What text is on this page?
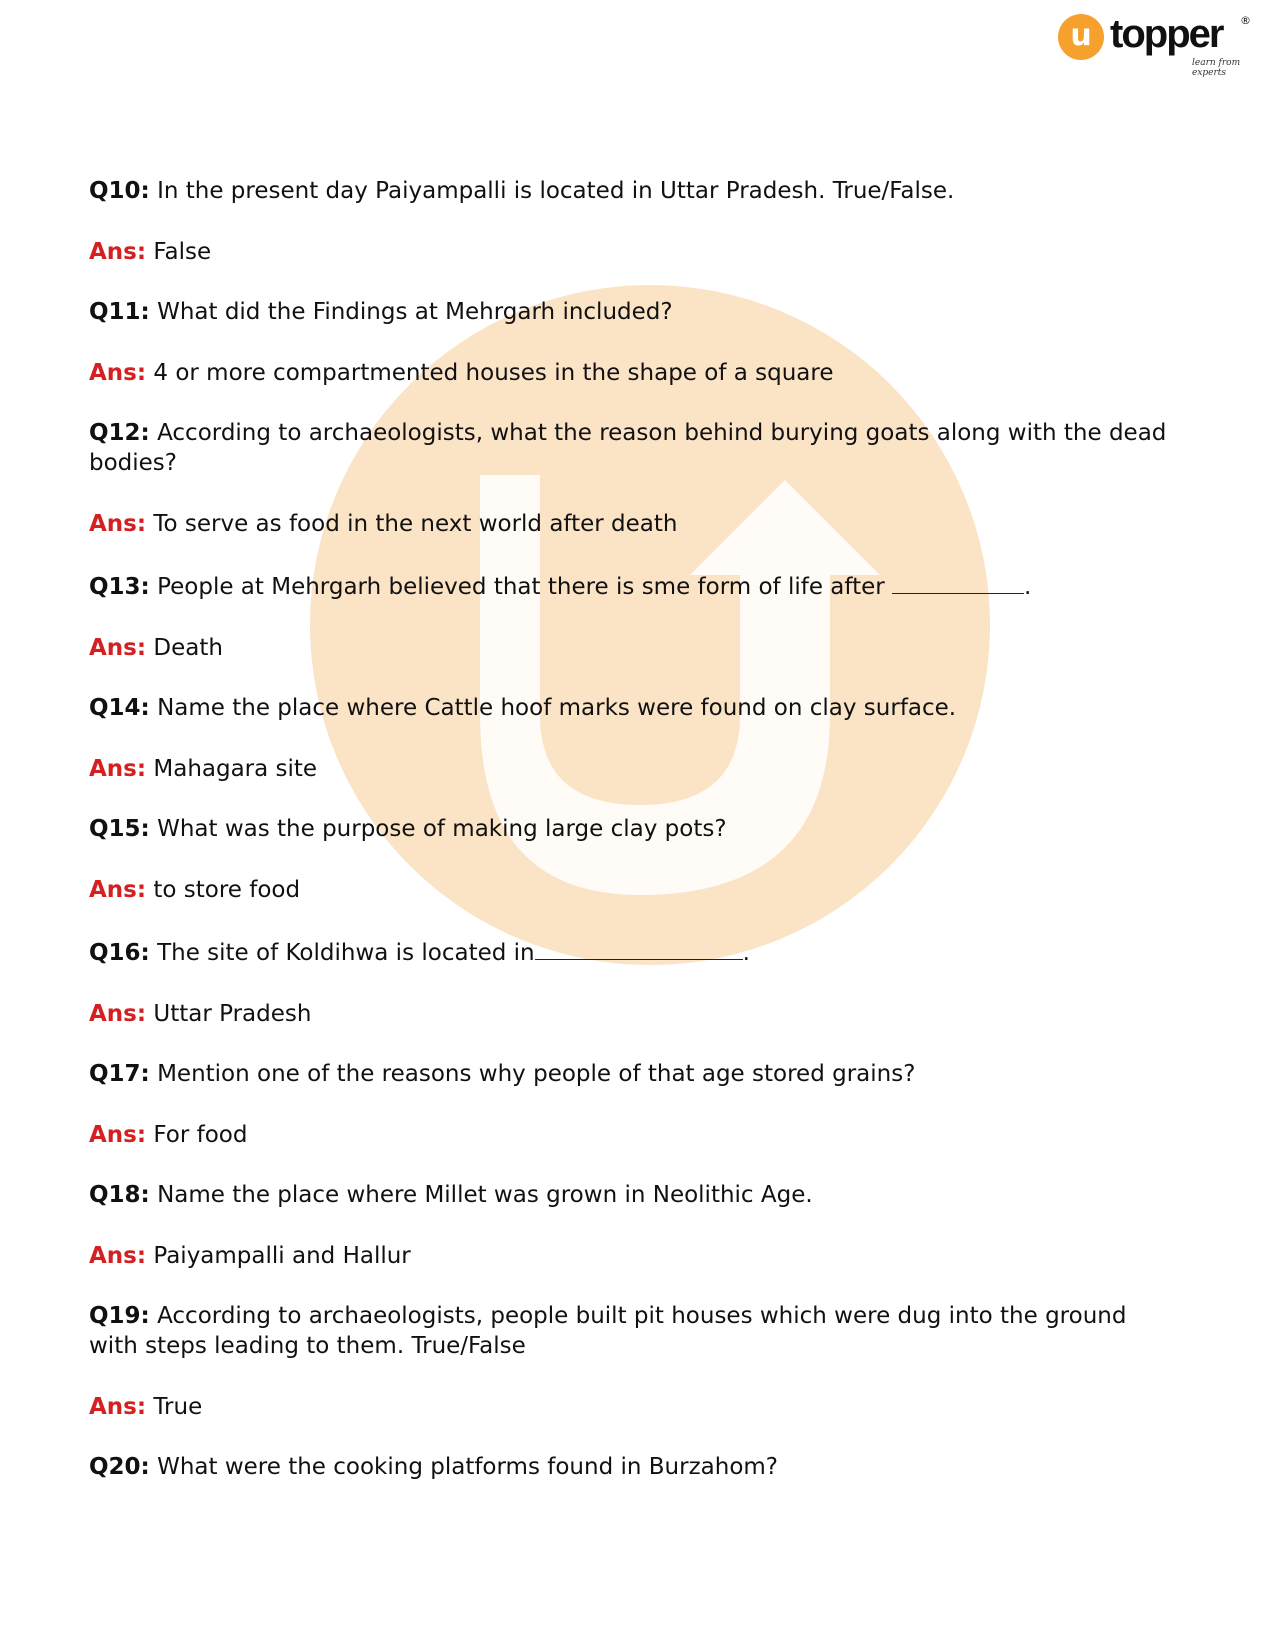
u topper ®
learn from experts

Q10: In the present day Paiyampalli is located in Uttar Pradesh. True/False.

Ans: False

Q11: What did the Findings at Mehrgarh included?

Ans: 4 or more compartmented houses in the shape of a square

Q12: According to archaeologists, what the reason behind burying goats along with the dead bodies?

Ans: To serve as food in the next world after death

Q13: People at Mehrgarh believed that there is sme form of life after	.

Ans: Death

Q14: Name the place where Cattle hoof marks were found on clay surface.

Ans: Mahagara site

Q15: What was the purpose of making large clay pots?

Ans: to store food

Q16: The site of Koldihwa is located in	.

Ans: Uttar Pradesh

Q17: Mention one of the reasons why people of that age stored grains?

Ans: For food

Q18: Name the place where Millet was grown in Neolithic Age.

Ans: Paiyampalli and Hallur

Q19: According to archaeologists, people built pit houses which were dug into the ground with steps leading to them. True/False

Ans: True

Q20: What were the cooking platforms found in Burzahom?
